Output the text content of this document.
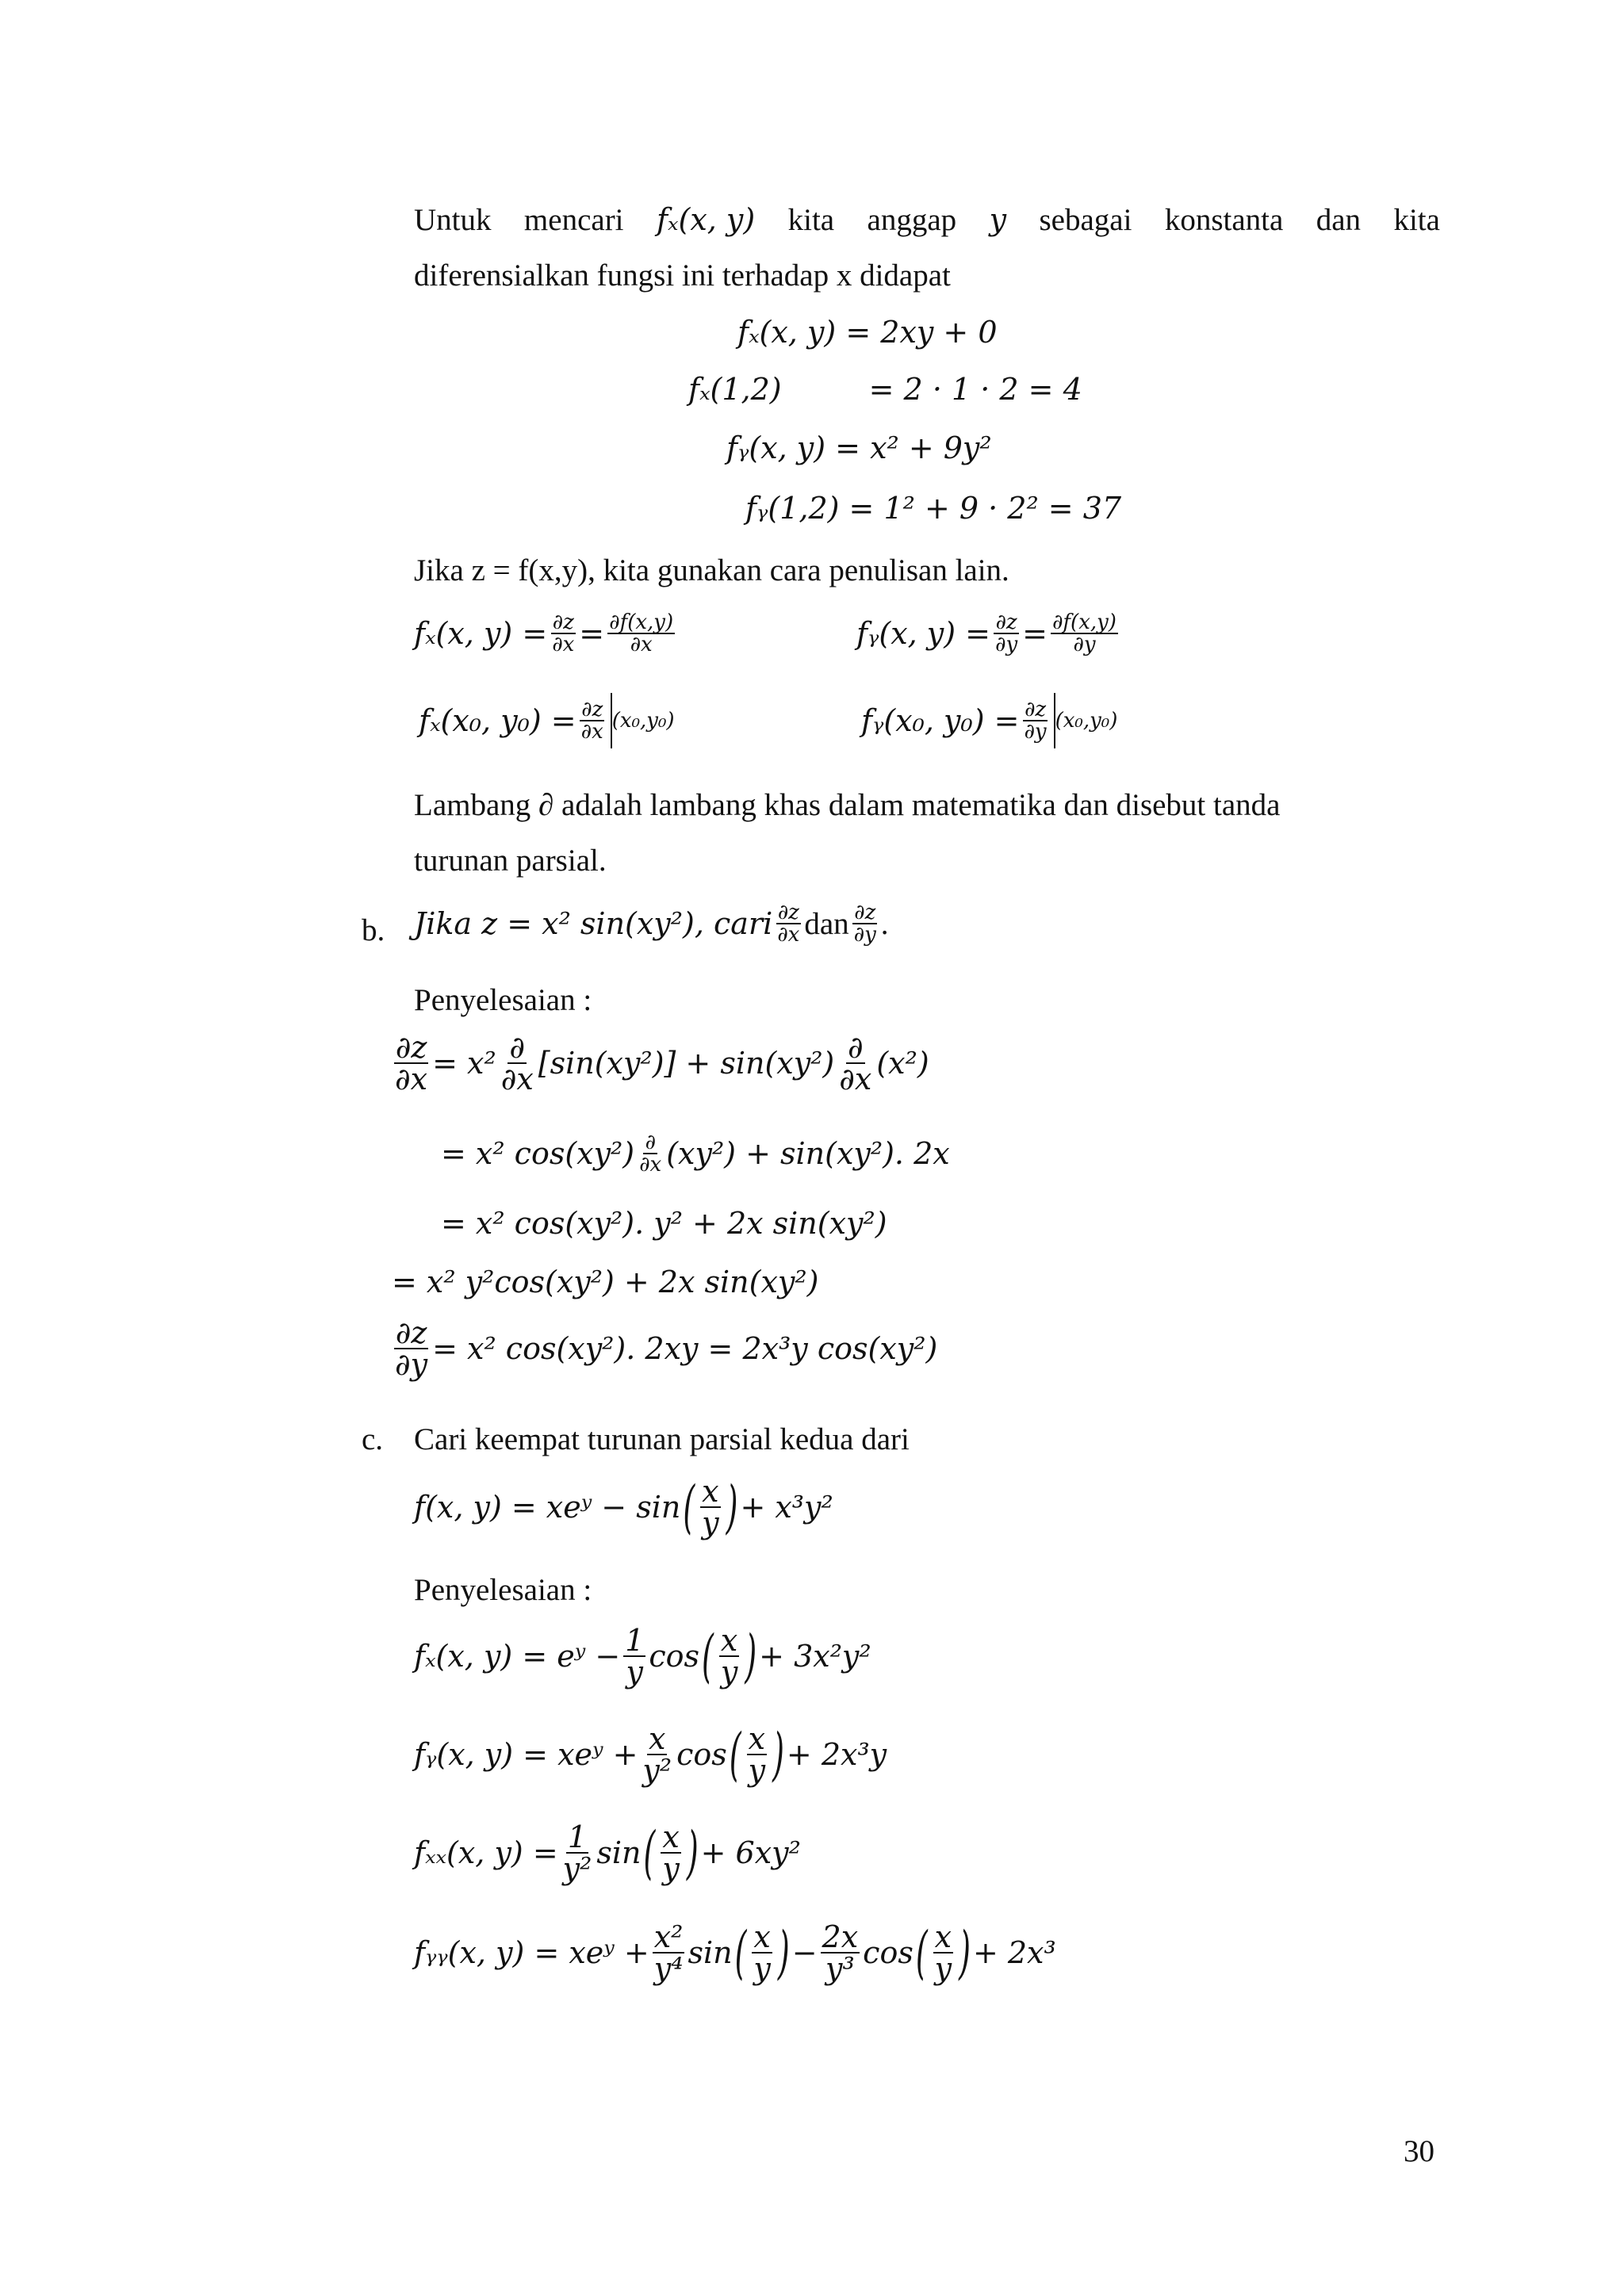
Untuk mencari fₓ(x, y) kita anggap y sebagai konstanta dan kita
diferensialkan fungsi ini terhadap x didapat
fₓ(x, y) = 2xy + 0
fₓ(1,2)	= 2 · 1 · 2 = 4
fᵧ(x, y) = x² + 9y²
fᵧ(1,2) = 1² + 9 · 2² = 37
Jika z = f(x,y), kita gunakan cara penulisan lain.
fₓ(x, $y) = \frac{\partial z}{\partial x} = \frac{\partial f(x,y)}{\partial x}$	fᵧ(x, $y) = \frac{\partial z}{\partial y} = \frac{\partial f(x,y)}{\partial y}$
fₓ(x₀, $y_0) = \frac{\partial z}{\partial x} (x_0,y_0)$	fᵧ(x₀, $y_0) = \frac{\partial z}{\partial y} (x_0,y_0)$
Lambang ∂ adalah lambang khas dalam matematika dan disebut tanda
turunan parsial.
b. Jika z = x² sin(xy²), cari $\frac{\partial z}{\partial x}$ dan $\frac{\partial z}{\partial y}$ .
Penyelesaian :
$\frac{\partial z}{\partial x} = x^2 \frac{\partial}{\partial x} [\sin(xy^2)] + \sin(xy^2) \frac{\partial}{\partial x} (x^2)$
= x² $\cos(xy^2) \frac{\partial}{\partial x} (xy^2) + \sin(xy^2)$. 2x
= x² cos(xy²). y² + 2x sin(xy²)
= x² y²cos(xy²) + 2x sin(xy²)
$\frac{\partial z}{\partial y} = x^2$ cos(xy²). 2xy = 2x³y cos(xy²)
c. Cari keempat turunan parsial kedua dari
f(x, y) = xeʸ − sin ( $\frac{x}{y}$ ) + x³y²
Penyelesaian :
fₓ(x, y) = eʸ − $\frac{1}{y}$ cos ( $\frac{x}{y}$ ) + 3x²y²
fᵧ(x, y) = xeʸ + $\frac{x}{\text{y²}}$ cos ( $\frac{x}{y}$ ) + 2x³y
fₓₓ(x, $y) = \frac{1}{\text{y²}}$ sin ( $\frac{x}{y}$ ) + 6xy²
fᵧᵧ(x, y) = xeʸ + $\frac{\text{x²}}{\text{y⁴}}$ sin ( $\frac{x}{y}$ ) − $\frac{2x}{\text{y³}}$ cos ( $\frac{x}{y}$ ) + 2x³
30
